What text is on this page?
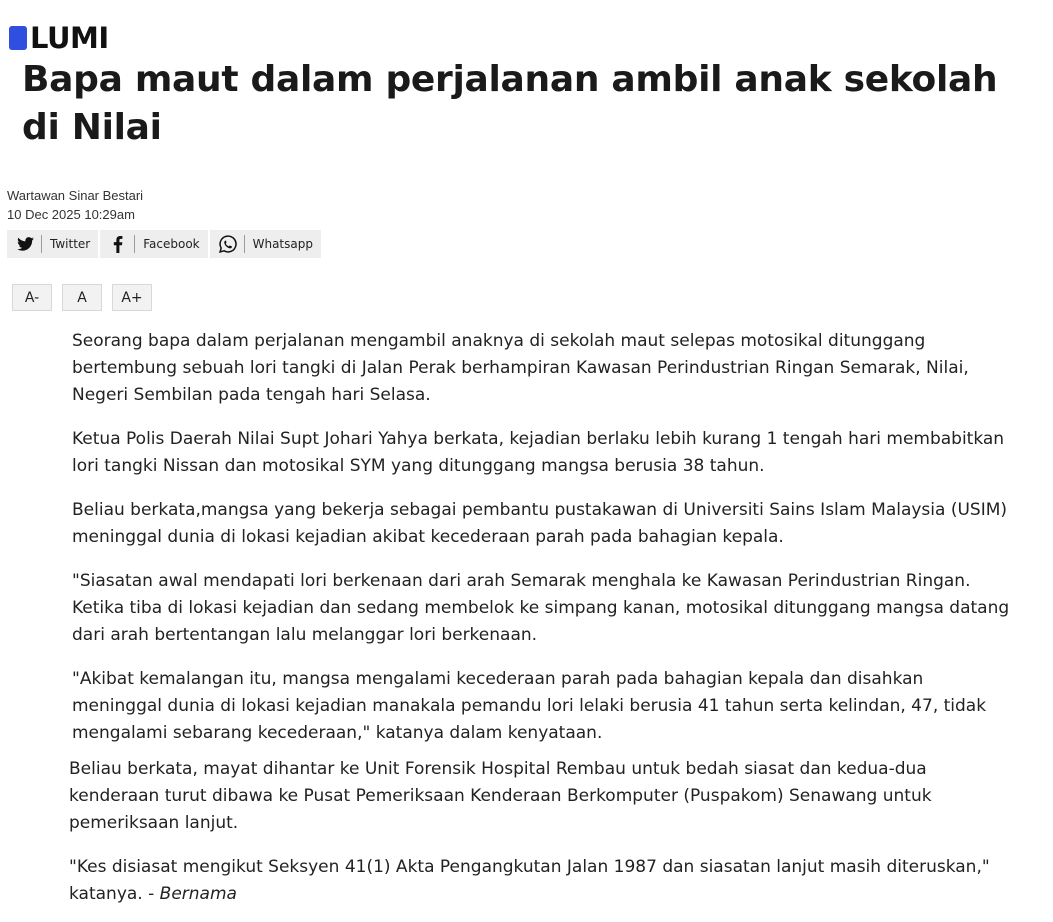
LUMI
Bapa maut dalam perjalanan ambil anak sekolah di Nilai
Wartawan Sinar Bestari
10 Dec 2025 10:29am
Twitter	Facebook	Whatsapp
A-	A	A+

Seorang bapa dalam perjalanan mengambil anaknya di sekolah maut selepas motosikal ditunggang bertembung sebuah lori tangki di Jalan Perak berhampiran Kawasan Perindustrian Ringan Semarak, Nilai, Negeri Sembilan pada tengah hari Selasa.

Ketua Polis Daerah Nilai Supt Johari Yahya berkata, kejadian berlaku lebih kurang 1 tengah hari membabitkan lori tangki Nissan dan motosikal SYM yang ditunggang mangsa berusia 38 tahun.

Beliau berkata,mangsa yang bekerja sebagai pembantu pustakawan di Universiti Sains Islam Malaysia (USIM) meninggal dunia di lokasi kejadian akibat kecederaan parah pada bahagian kepala.

"Siasatan awal mendapati lori berkenaan dari arah Semarak menghala ke Kawasan Perindustrian Ringan. Ketika tiba di lokasi kejadian dan sedang membelok ke simpang kanan, motosikal ditunggang mangsa datang dari arah bertentangan lalu melanggar lori berkenaan.

"Akibat kemalangan itu, mangsa mengalami kecederaan parah pada bahagian kepala dan disahkan meninggal dunia di lokasi kejadian manakala pemandu lori lelaki berusia 41 tahun serta kelindan, 47, tidak mengalami sebarang kecederaan," katanya dalam kenyataan.

Beliau berkata, mayat dihantar ke Unit Forensik Hospital Rembau untuk bedah siasat dan kedua-dua kenderaan turut dibawa ke Pusat Pemeriksaan Kenderaan Berkomputer (Puspakom) Senawang untuk pemeriksaan lanjut.

"Kes disiasat mengikut Seksyen 41(1) Akta Pengangkutan Jalan 1987 dan siasatan lanjut masih diteruskan," katanya. - Bernama
